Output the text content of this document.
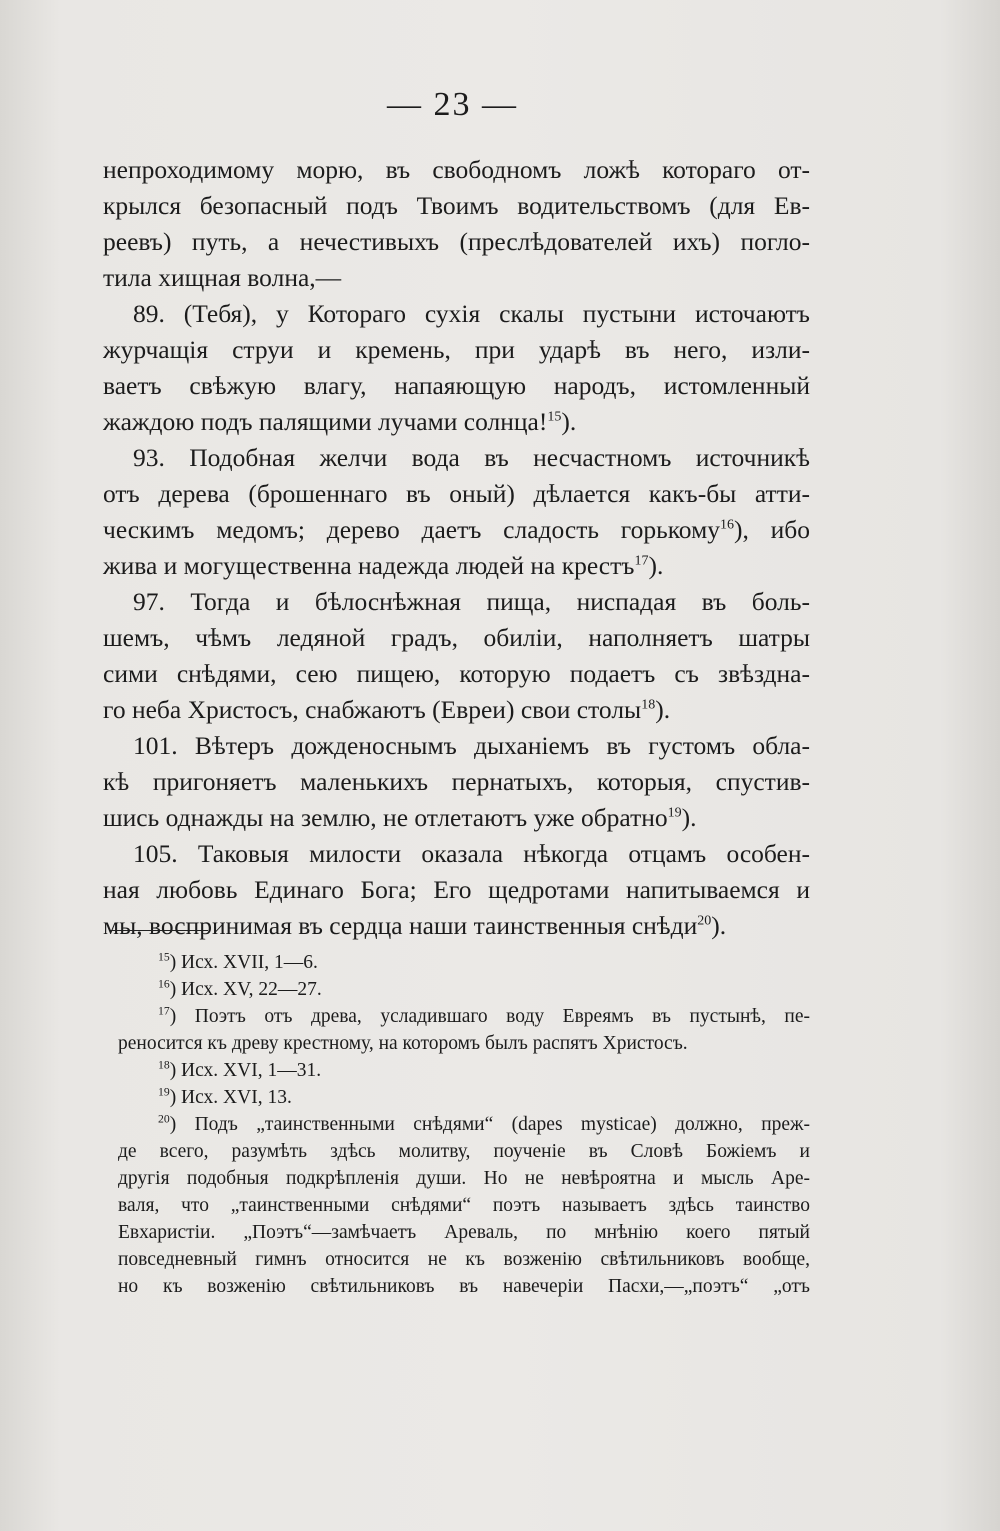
— 23 —
непроходимому морю, въ свободномъ ложѣ котораго от-
крылся безопасный подъ Твоимъ водительствомъ (для Ев-
реевъ) путь, а нечестивыхъ (преслѣдователей ихъ) погло-
тила хищная волна,—
89. (Тебя), у Котораго сухія скалы пустыни источаютъ
журчащія струи и кремень, при ударѣ въ него, изли-
ваетъ свѣжую влагу, напаяющую народъ, истомленный
жаждою подъ палящими лучами солнца!$^{15}$).
93. Подобная желчи вода въ несчастномъ источникѣ
отъ дерева (брошеннаго въ оный) дѣлается какъ-бы атти-
ческимъ медомъ; дерево даетъ сладость горькому$^{16}$), ибо
жива и могущественна надежда людей на крестъ$^{17}$).
97. Тогда и бѣлоснѣжная пища, ниспадая въ боль-
шемъ, чѣмъ ледяной градъ, обиліи, наполняетъ шатры
сими снѣдями, сею пищею, которую подаетъ съ звѣздна-
го неба Христосъ, снабжаютъ (Евреи) свои столы$^{18}$).
101. Вѣтеръ дожденоснымъ дыханіемъ въ густомъ обла-
кѣ пригоняетъ маленькихъ пернатыхъ, которыя, спустив-
шись однажды на землю, не отлетаютъ уже обратно$^{19}$).
105. Таковыя милости оказала нѣкогда отцамъ особен-
ная любовь Единаго Бога; Его щедротами напитываемся и
мы, воспринимая въ сердца наши таинственныя снѣди$^{20}$).
$^{15}$) Исх. XVII, 1—6.
$^{16}$) Исх. XV, 22—27.
$^{17}$) Поэтъ отъ древа, усладившаго воду Евреямъ въ пустынѣ, пе-
реносится къ древу крестному, на которомъ былъ распятъ Христосъ.
$^{18}$) Исх. XVI, 1—31.
$^{19}$) Исх. XVI, 13.
$^{20}$) Подъ „таинственными снѣдями“ (dapes mysticae) должно, преж-
де всего, разумѣть здѣсь молитву, поученіе въ Словѣ Божіемъ и
другія подобныя подкрѣпленія души. Но не невѣроятна и мысль Аре-
валя, что „таинственными снѣдями“ поэтъ называетъ здѣсь таинство
Евхаристіи. „Поэтъ“—замѣчаетъ Ареваль, по мнѣнію коего пятый
повседневный гимнъ относится не къ возженію свѣтильниковъ вообще,
но къ возженію свѣтильниковъ въ навечеріи Пасхи,—„поэтъ“ „отъ
